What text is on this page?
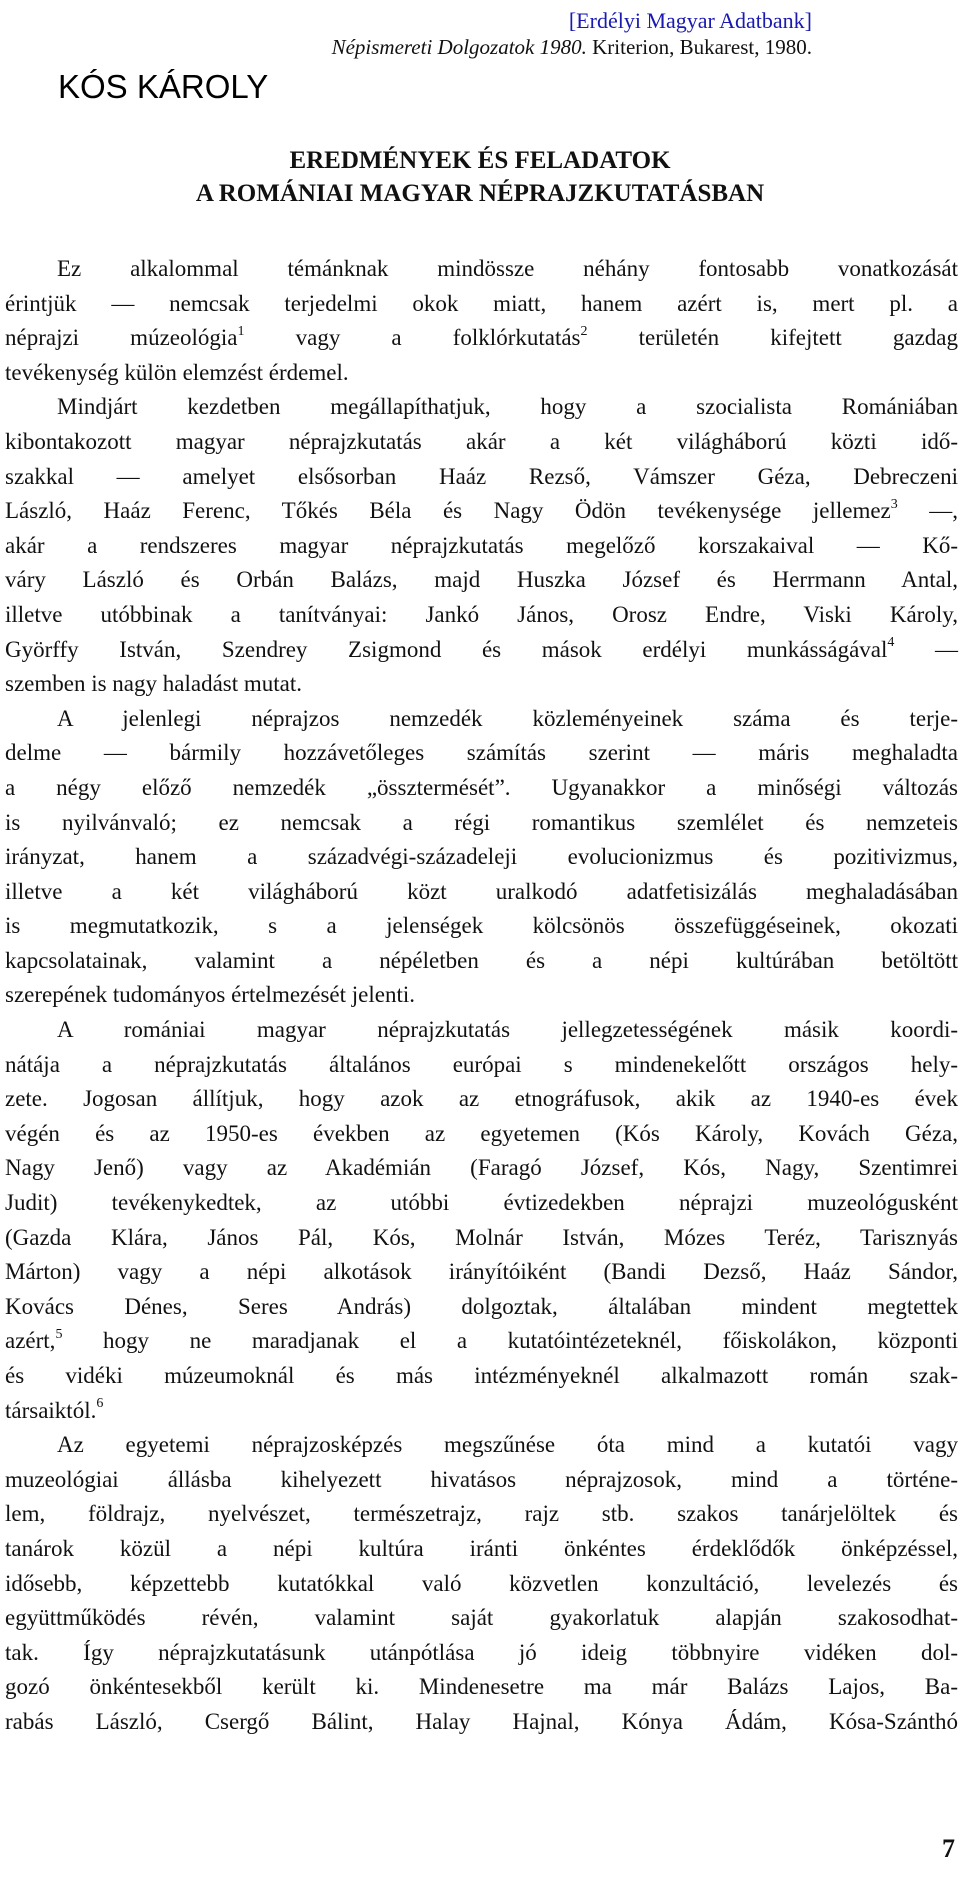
[Erdélyi Magyar Adatbank]
Népismereti Dolgozatok 1980. Kriterion, Bukarest, 1980.
KÓS KÁROLY
EREDMÉNYEK ÉS FELADATOK
A ROMÁNIAI MAGYAR NÉPRAJZKUTATÁSBAN
Ez alkalommal témánknak mindössze néhány fontosabb vonatkozását
érintjük — nemcsak terjedelmi okok miatt, hanem azért is, mert pl. a
néprajzi múzeológia$^1$ vagy a folklórkutatás$^2$ területén kifejtett gazdag
tevékenység külön elemzést érdemel.
Mindjárt kezdetben megállapíthatjuk, hogy a szocialista Romániában
kibontakozott magyar néprajzkutatás akár a két világháború közti idő-
szakkal — amelyet elsősorban Haáz Rezső, Vámszer Géza, Debreczeni
László, Haáz Ferenc, Tőkés Béla és Nagy Ödön tevékenysége jellemez$^3$ —,
akár a rendszeres magyar néprajzkutatás megelőző korszakaival — Kő-
váry László és Orbán Balázs, majd Huszka József és Herrmann Antal,
illetve utóbbinak a tanítványai: Jankó János, Orosz Endre, Viski Károly,
Györffy István, Szendrey Zsigmond és mások erdélyi munkásságával$^4$ —
szemben is nagy haladást mutat.
A jelenlegi néprajzos nemzedék közleményeinek száma és terje-
delme — bármily hozzávetőleges számítás szerint — máris meghaladta
a négy előző nemzedék „össztermését”. Ugyanakkor a minőségi változás
is nyilvánvaló; ez nemcsak a régi romantikus szemlélet és nemzeteis
irányzat, hanem a századvégi-századeleji evolucionizmus és pozitivizmus,
illetve a két világháború közt uralkodó adatfetisizálás meghaladásában
is megmutatkozik, s a jelenségek kölcsönös összefüggéseinek, okozati
kapcsolatainak, valamint a népéletben és a népi kultúrában betöltött
szerepének tudományos értelmezését jelenti.
A romániai magyar néprajzkutatás jellegzetességének másik koordi-
nátája a néprajzkutatás általános európai s mindenekelőtt országos hely-
zete. Jogosan állítjuk, hogy azok az etnográfusok, akik az 1940-es évek
végén és az 1950-es években az egyetemen (Kós Károly, Kovách Géza,
Nagy Jenő) vagy az Akadémián (Faragó József, Kós, Nagy, Szentimrei
Judit) tevékenykedtek, az utóbbi évtizedekben néprajzi muzeológusként
(Gazda Klára, János Pál, Kós, Molnár István, Mózes Teréz, Tarisznyás
Márton) vagy a népi alkotások irányítóiként (Bandi Dezső, Haáz Sándor,
Kovács Dénes, Seres András) dolgoztak, általában mindent megtettek
azért,$^5$ hogy ne maradjanak el a kutatóintézeteknél, főiskolákon, központi
és vidéki múzeumoknál és más intézményeknél alkalmazott román szak-
társaiktól.$^6$
Az egyetemi néprajzosképzés megszűnése óta mind a kutatói vagy
muzeológiai állásba kihelyezett hivatásos néprajzosok, mind a történe-
lem, földrajz, nyelvészet, természetrajz, rajz stb. szakos tanárjelöltek és
tanárok közül a népi kultúra iránti önkéntes érdeklődők önképzéssel,
idősebb, képzettebb kutatókkal való közvetlen konzultáció, levelezés és
együttműködés révén, valamint saját gyakorlatuk alapján szakosodhat-
tak. Így néprajzkutatásunk utánpótlása jó ideig többnyire vidéken dol-
gozó önkéntesekből került ki. Mindenesetre ma már Balázs Lajos, Ba-
rabás László, Csergő Bálint, Halay Hajnal, Kónya Ádám, Kósa-Szánthó
7
